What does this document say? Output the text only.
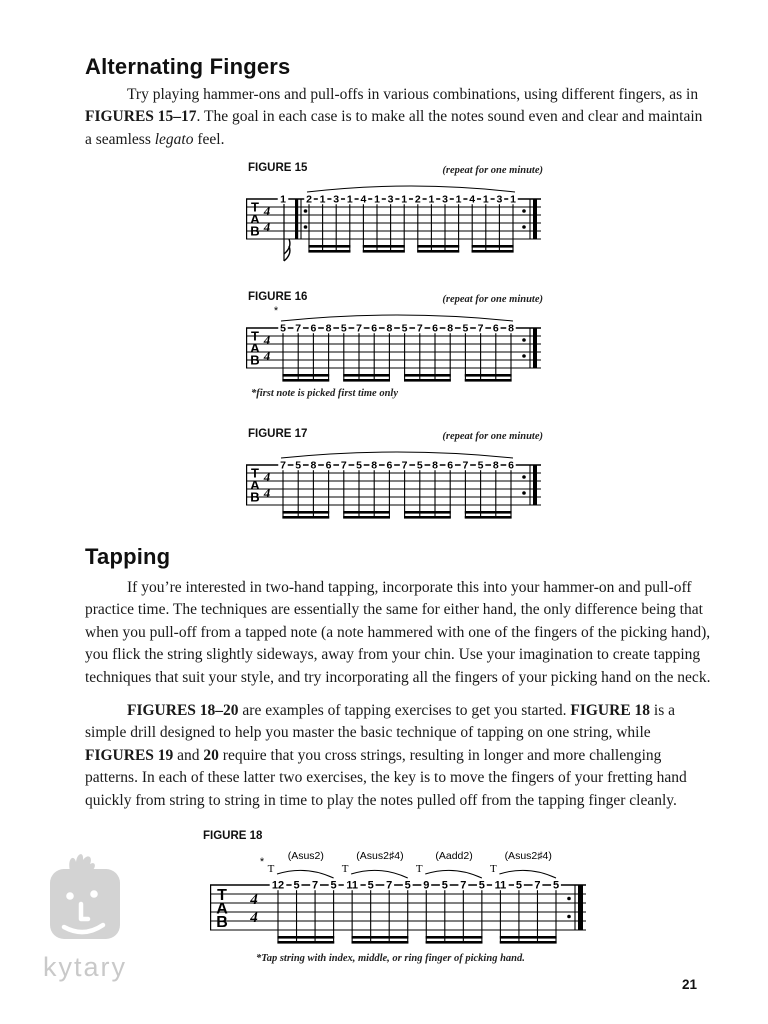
Alternating Fingers

Try playing hammer-ons and pull-offs in various combinations, using different fingers, as in FIGURES 15–17. The goal in each case is to make all the notes sound even and clear and maintain a seamless legato feel.

FIGURE 15	(repeat for one minute)
T
A
B
4
4
2 1 3 1 4 1 3 1 2 1 3 1 4 1 3 1
1
FIGURE 16	(repeat for one minute)
T
A
B
4
4
*
5 7 6 8 5 7 6 8 5 7 6 8 5 7 6 8
*first note is picked first time only
FIGURE 17	(repeat for one minute)
T
A
B
4
4
7 5 8 6 7 5 8 6 7 5 8 6 7 5 8 6
Tapping

If you’re interested in two-hand tapping, incorporate this into your hammer-on and pull-off practice time. The techniques are essentially the same for either hand, the only difference being that when you pull-off from a tapped note (a note hammered with one of the fingers of the picking hand), you flick the string slightly sideways, away from your chin. Use your imagination to create tapping techniques that suit your style, and try incorporating all the fingers of your picking hand on the neck.

FIGURES 18–20 are examples of tapping exercises to get you started. FIGURE 18 is a simple drill designed to help you master the basic technique of tapping on one string, while FIGURES 19 and 20 require that you cross strings, resulting in longer and more challenging patterns. In each of these latter two exercises, the key is to move the fingers of your fretting hand quickly from string to string in time to play the notes pulled off from the tapping finger cleanly.

FIGURE 18
T
A
B
4
4
T
(Asus2)
T
(Asus2♯4)
T
(Aadd2)
T
(Asus2♯4)
*
12 5 7 5 11 5 7 5 9 5 7 5 11 5 7 5
*Tap string with index, middle, or ring finger of picking hand.
kytary
21
